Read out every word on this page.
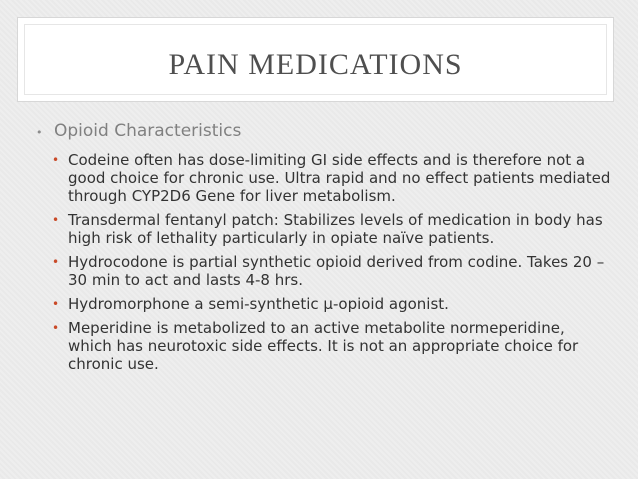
PAIN MEDICATIONS
• Opioid Characteristics
• Codeine often has dose-limiting GI side effects and is therefore not a good choice for chronic use. Ultra rapid and no effect patients mediated through CYP2D6 Gene for liver metabolism.
• Transdermal fentanyl patch: Stabilizes levels of medication in body has high risk of lethality particularly in opiate naïve patients.
• Hydrocodone is partial synthetic opioid derived from codine. Takes 20 – 30 min to act and lasts 4-8 hrs.
• Hydromorphone a semi-synthetic μ-opioid agonist.
• Meperidine is metabolized to an active metabolite normeperidine, which has neurotoxic side effects. It is not an appropriate choice for chronic use.
